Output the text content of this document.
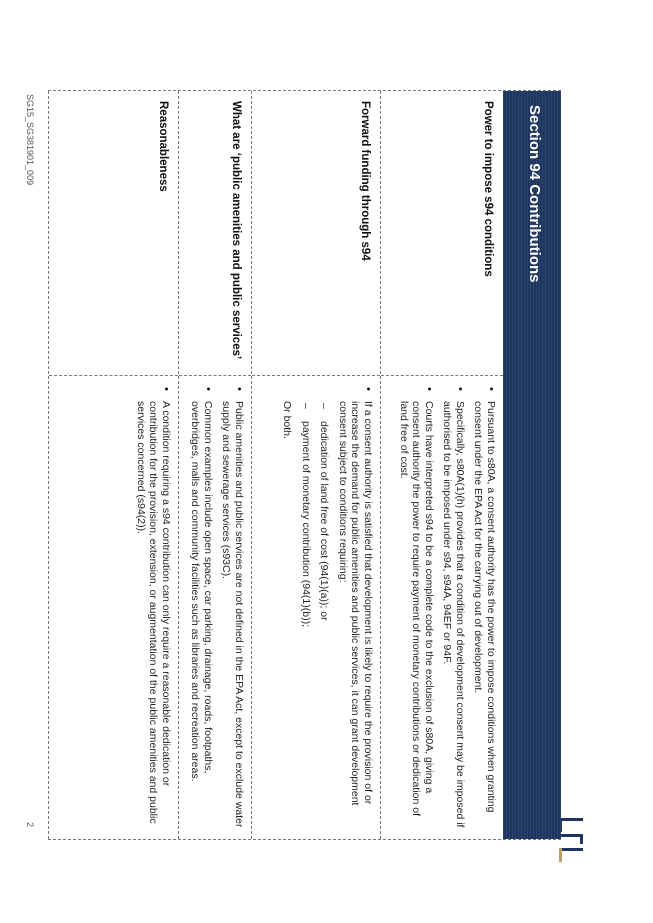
Section 94 Contributions
Power to impose s94 conditions
• Pursuant to s80A, a consent authority has the power to impose conditions when granting consent under the EPA Act for the carrying out of development.
• Specifically, s80A(1)(h) provides that a condition of development consent may be imposed if authorised to be imposed under s94, s94A, 94EF or 94F.
• Courts have interpreted s94 to be a complete code to the exclusion of s80A, giving a consent authority the power to require payment of monetary contributions or dedication of land free of cost.
Forward funding through s94
• If a consent authority is satisfied that development is likely to require the provision of or increase the demand for public amenities and public services, it can grant development consent subject to conditions requiring:
– dedication of land free of cost (94(1)(a)); or
– payment of monetary contribution (94(1)(b));
Or both.
What are ‘public amenities and public services’
• Public amenities and public services are not defined in the EPA Act, except to exclude water supply and sewerage services (s93C).
• Common examples include open space, car parking, drainage, roads, footpaths, overbridges, malls and community facilities such as libraries and recreation areas.
Reasonableness
• A condition requiring a s94 contribution can only require a reasonable dedication or contribution for the provision, extension, or augmentation of the public amenities and public services concerned (s94(2)).
SG15_SG381901_009
2
